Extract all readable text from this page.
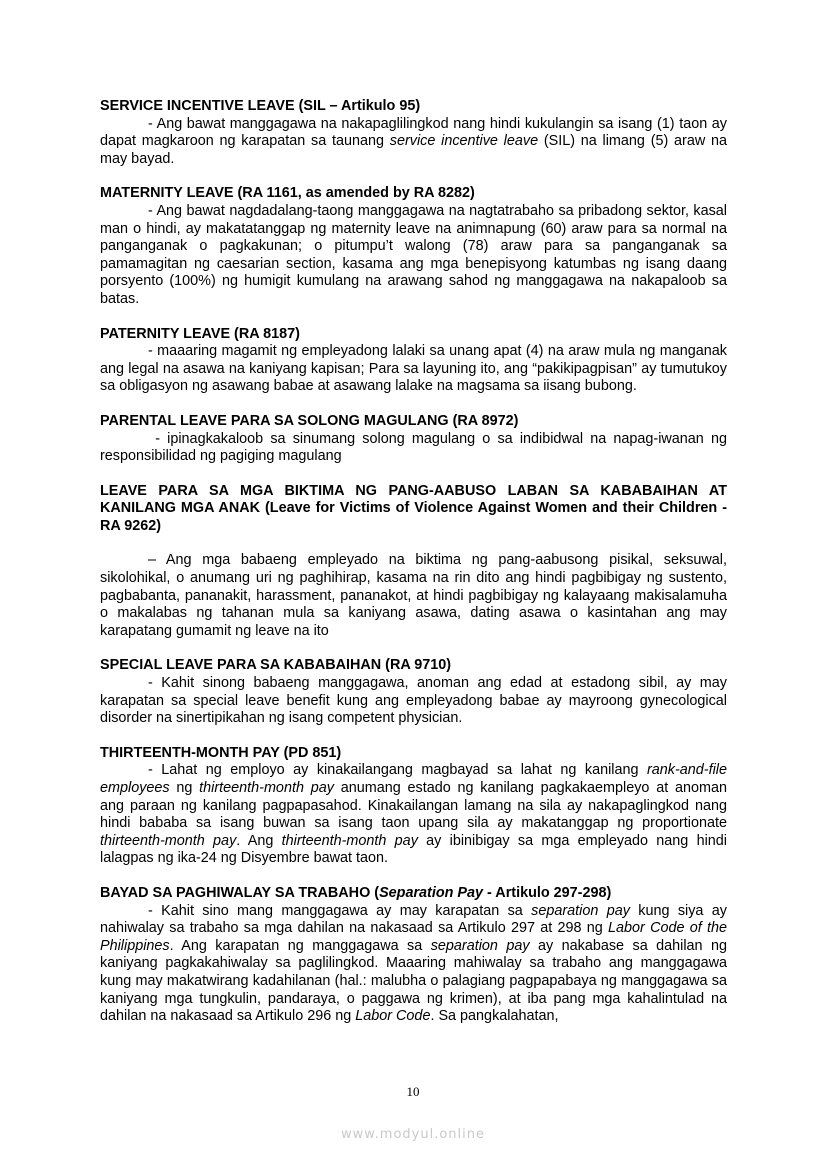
SERVICE INCENTIVE LEAVE (SIL – Artikulo 95)

- Ang bawat manggagawa na nakapaglilingkod nang hindi kukulangin sa isang (1) taon ay dapat magkaroon ng karapatan sa taunang service incentive leave (SIL) na limang (5) araw na may bayad.

MATERNITY LEAVE (RA 1161, as amended by RA 8282)

- Ang bawat nagdadalang-taong manggagawa na nagtatrabaho sa pribadong sektor, kasal man o hindi, ay makatatanggap ng maternity leave na animnapung (60) araw para sa normal na panganganak o pagkakunan; o pitumpu’t walong (78) araw para sa panganganak sa pamamagitan ng caesarian section, kasama ang mga benepisyong katumbas ng isang daang porsyento (100%) ng humigit kumulang na arawang sahod ng manggagawa na nakapaloob sa batas.

PATERNITY LEAVE (RA 8187)

- maaaring magamit ng empleyadong lalaki sa unang apat (4) na araw mula ng manganak ang legal na asawa na kaniyang kapisan; Para sa layuning ito, ang “pakikipagpisan” ay tumutukoy sa obligasyon ng asawang babae at asawang lalake na magsama sa iisang bubong.

PARENTAL LEAVE PARA SA SOLONG MAGULANG (RA 8972)

- ipinagkakaloob sa sinumang solong magulang o sa indibidwal na napag-iwanan ng responsibilidad ng pagiging magulang

LEAVE PARA SA MGA BIKTIMA NG PANG-AABUSO LABAN SA KABABAIHAN AT KANILANG MGA ANAK (Leave for Victims of Violence Against Women and their Children - RA 9262)

– Ang mga babaeng empleyado na biktima ng pang-aabusong pisikal, seksuwal, sikolohikal, o anumang uri ng paghihirap, kasama na rin dito ang hindi pagbibigay ng sustento, pagbabanta, pananakit, harassment, pananakot, at hindi pagbibigay ng kalayaang makisalamuha o makalabas ng tahanan mula sa kaniyang asawa, dating asawa o kasintahan ang may karapatang gumamit ng leave na ito

SPECIAL LEAVE PARA SA KABABAIHAN (RA 9710)

- Kahit sinong babaeng manggagawa, anoman ang edad at estadong sibil, ay may karapatan sa special leave benefit kung ang empleyadong babae ay mayroong gynecological disorder na sinertipikahan ng isang competent physician.

THIRTEENTH-MONTH PAY (PD 851)

- Lahat ng employo ay kinakailangang magbayad sa lahat ng kanilang rank-and-file employees ng thirteenth-month pay anumang estado ng kanilang pagkakaempleyo at anoman ang paraan ng kanilang pagpapasahod. Kinakailangan lamang na sila ay nakapaglingkod nang hindi bababa sa isang buwan sa isang taon upang sila ay makatanggap ng proportionate thirteenth-month pay. Ang thirteenth-month pay ay ibinibigay sa mga empleyado nang hindi lalagpas ng ika-24 ng Disyembre bawat taon.

BAYAD SA PAGHIWALAY SA TRABAHO (Separation Pay - Artikulo 297-298)

- Kahit sino mang manggagawa ay may karapatan sa separation pay kung siya ay nahiwalay sa trabaho sa mga dahilan na nakasaad sa Artikulo 297 at 298 ng Labor Code of the Philippines. Ang karapatan ng manggagawa sa separation pay ay nakabase sa dahilan ng kaniyang pagkakahiwalay sa paglilingkod. Maaaring mahiwalay sa trabaho ang manggagawa kung may makatwirang kadahilanan (hal.: malubha o palagiang pagpapabaya ng manggagawa sa kaniyang mga tungkulin, pandaraya, o paggawa ng krimen), at iba pang mga kahalintulad na dahilan na nakasaad sa Artikulo 296 ng Labor Code. Sa pangkalahatan,

10
www.modyul.online
